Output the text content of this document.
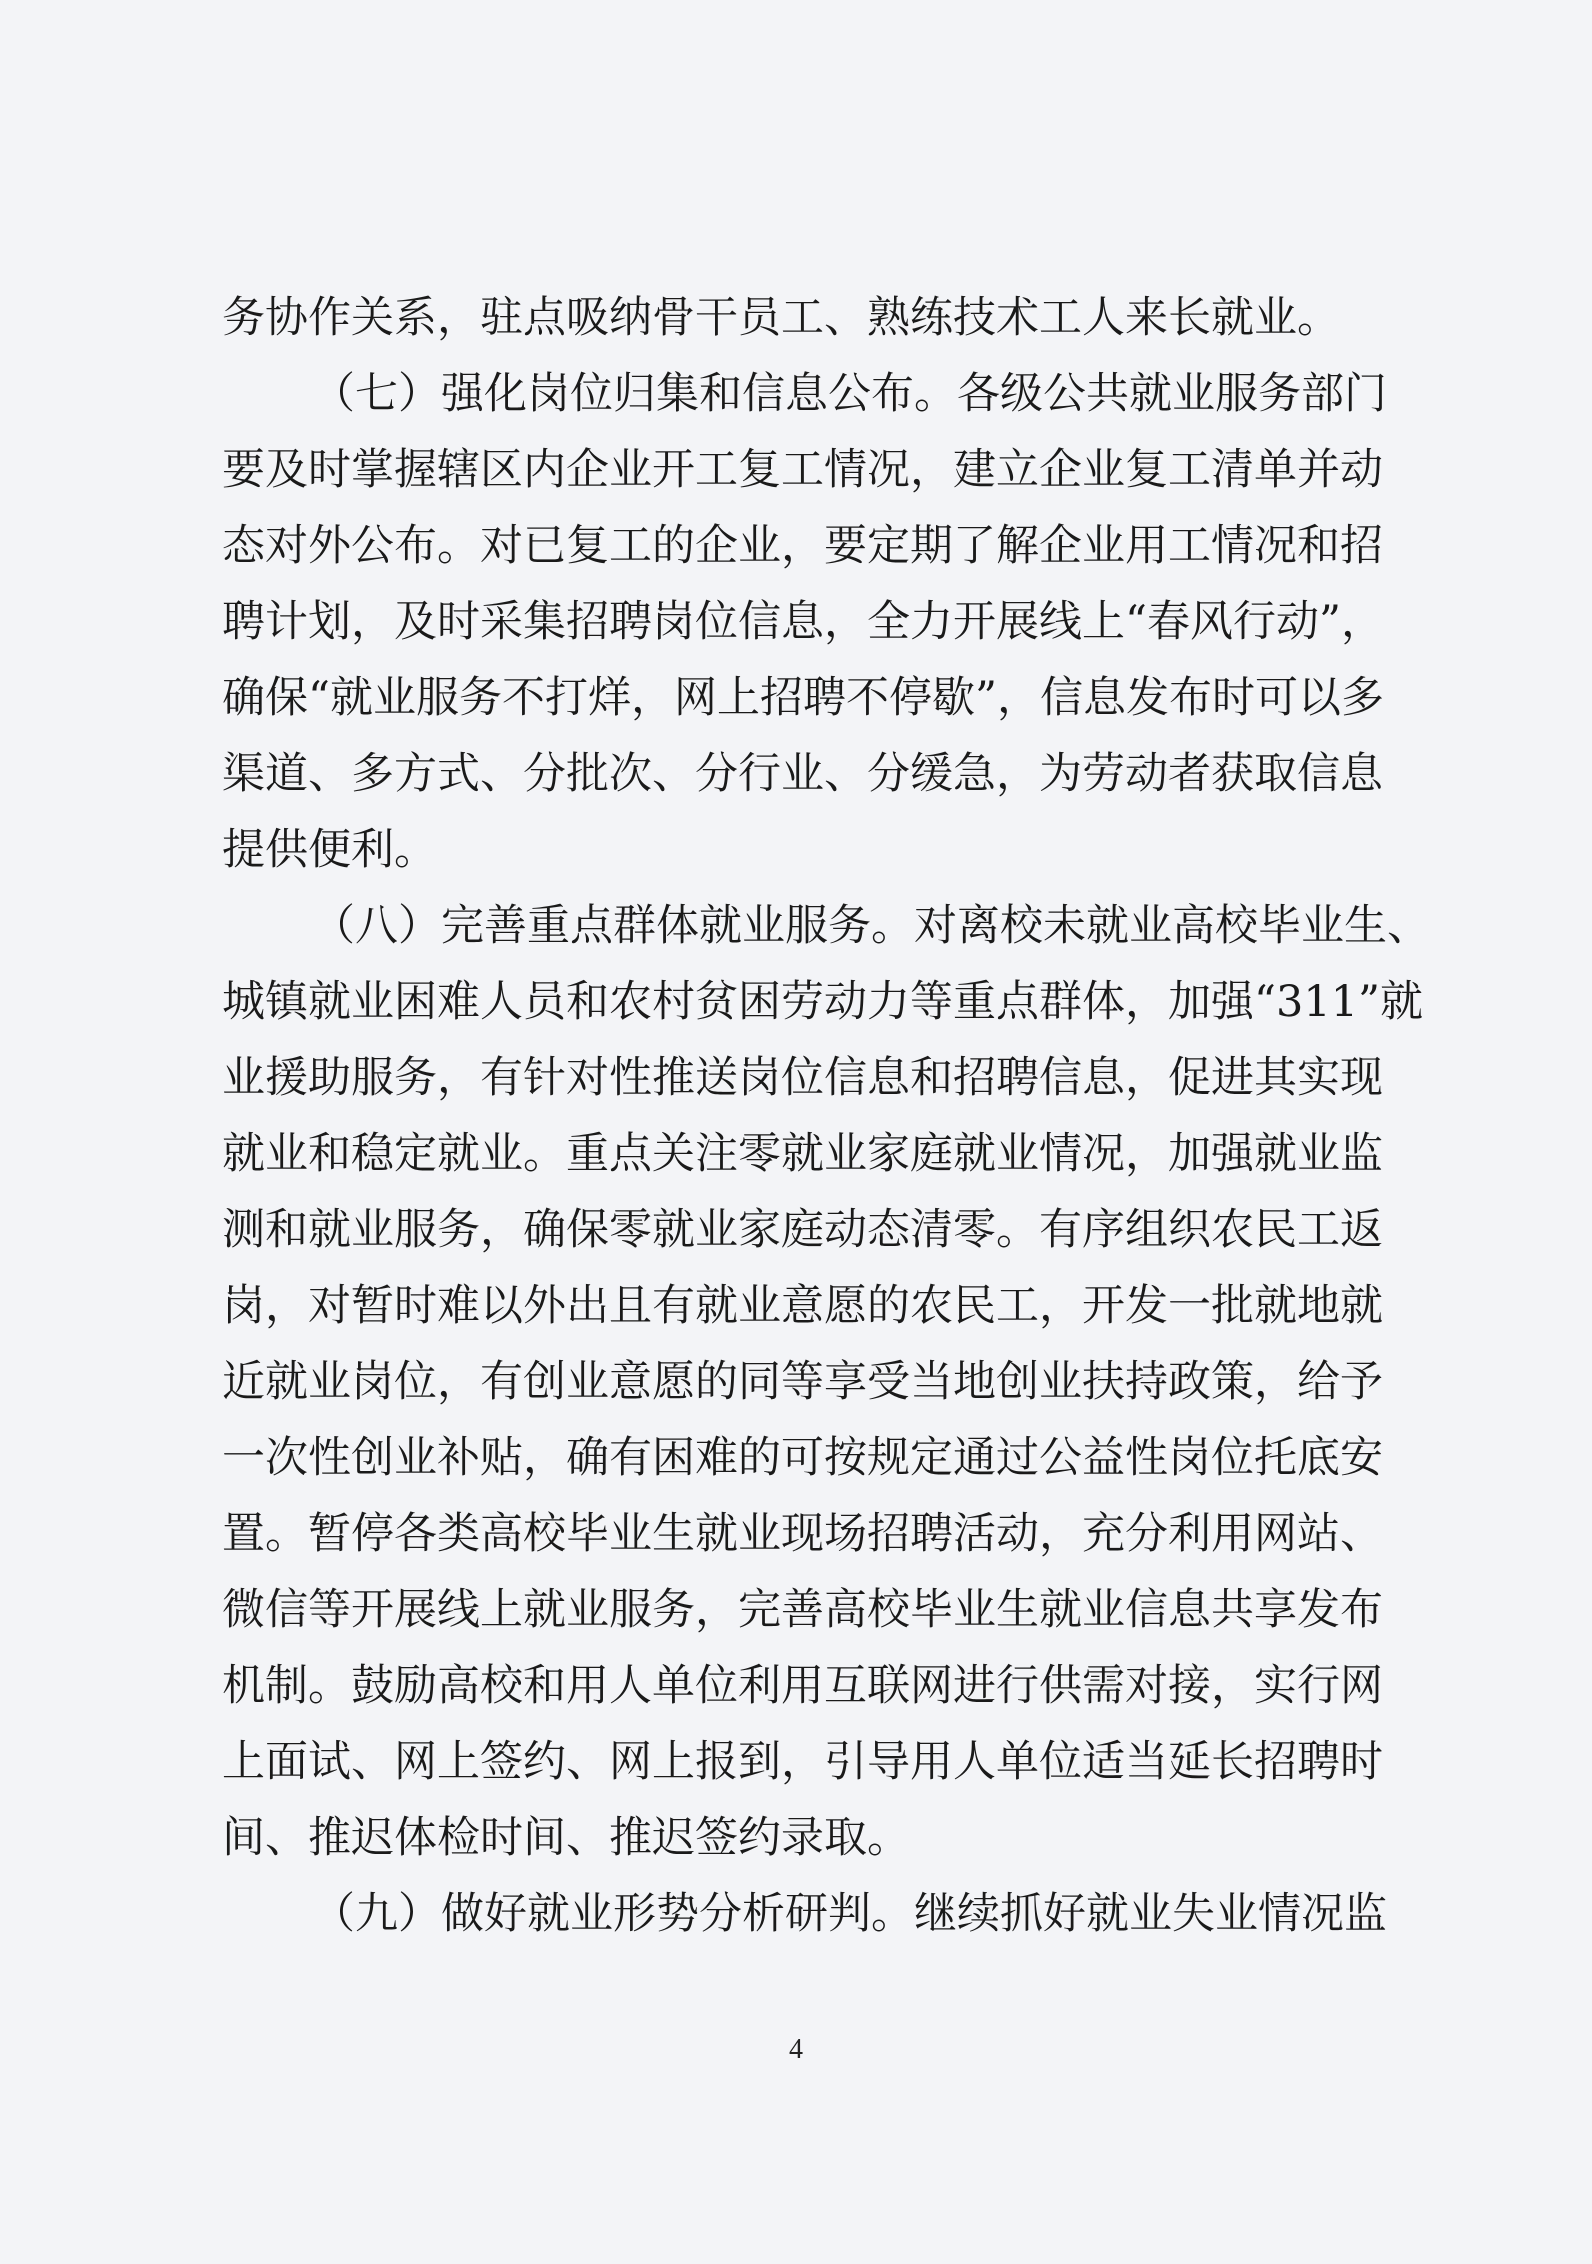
务协作关系，驻点吸纳骨干员工、熟练技术工人来长就业。
（七）强化岗位归集和信息公布。各级公共就业服务部门
要及时掌握辖区内企业开工复工情况，建立企业复工清单并动
态对外公布。对已复工的企业，要定期了解企业用工情况和招
聘计划，及时采集招聘岗位信息，全力开展线上“春风行动”，
确保“就业服务不打烊，网上招聘不停歇”，信息发布时可以多
渠道、多方式、分批次、分行业、分缓急，为劳动者获取信息
提供便利。
（八）完善重点群体就业服务。对离校未就业高校毕业生、
城镇就业困难人员和农村贫困劳动力等重点群体，加强“311”就
业援助服务，有针对性推送岗位信息和招聘信息，促进其实现
就业和稳定就业。重点关注零就业家庭就业情况，加强就业监
测和就业服务，确保零就业家庭动态清零。有序组织农民工返
岗，对暂时难以外出且有就业意愿的农民工，开发一批就地就
近就业岗位，有创业意愿的同等享受当地创业扶持政策，给予
一次性创业补贴，确有困难的可按规定通过公益性岗位托底安
置。暂停各类高校毕业生就业现场招聘活动，充分利用网站、
微信等开展线上就业服务，完善高校毕业生就业信息共享发布
机制。鼓励高校和用人单位利用互联网进行供需对接，实行网
上面试、网上签约、网上报到，引导用人单位适当延长招聘时
间、推迟体检时间、推迟签约录取。
（九）做好就业形势分析研判。继续抓好就业失业情况监
4
